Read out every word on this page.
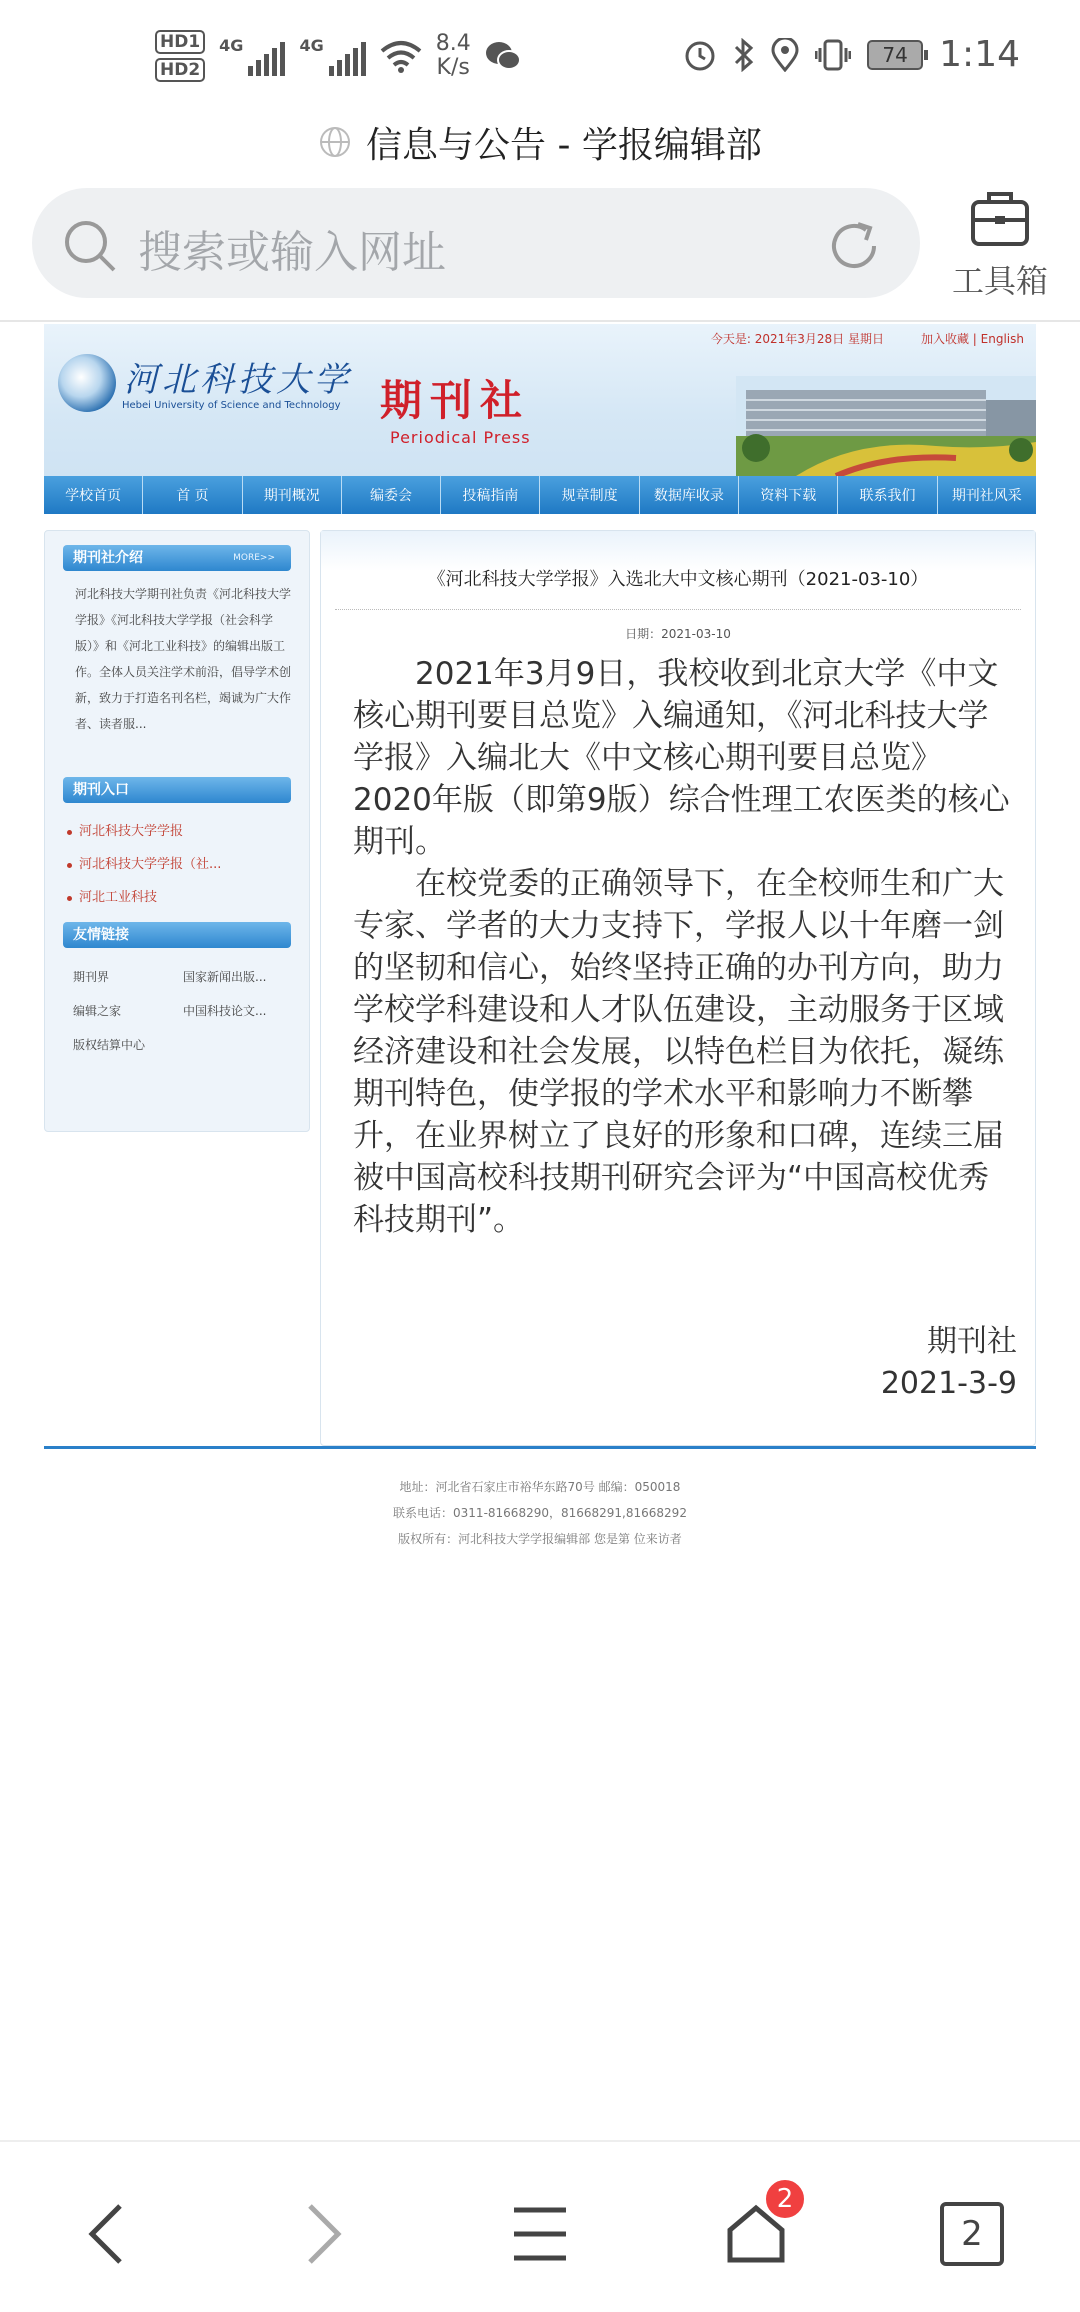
HD1
HD2
4G	4G	8.4
K/s
74 1:14
信息与公告 - 学报编辑部
搜索或输入网址
工具箱
河北科技大学
Hebei University of Science and Technology 期刊社
Periodical Press
今天是: 2021年3月28日 星期日	加入收藏 | English
学校首页	首 页	期刊概况	编委会	投稿指南	规章制度	数据库收录	资料下载	联系我们	期刊社风采
期刊社介绍	MORE>>
河北科技大学期刊社负责《河北科技大学学报》《河北科技大学学报（社会科学版）》和《河北工业科技》的编辑出版工作。全体人员关注学术前沿，倡导学术创新，致力于打造名刊名栏，竭诚为广大作者、读者服...
期刊入口
河北科技大学学报
河北科技大学学报（社...
河北工业科技
友情链接
期刊界	国家新闻出版...
编辑之家	中国科技论文...
版权结算中心
《河北科技大学学报》入选北大中文核心期刊（2021-03-10）
日期：2021-03-10

2021年3月9日，我校收到北京大学《中文核心期刊要目总览》入编通知，《河北科技大学学报》入编北大《中文核心期刊要目总览》2020年版（即第9版）综合性理工农医类的核心期刊。

在校党委的正确领导下，在全校师生和广大专家、学者的大力支持下，学报人以十年磨一剑的坚韧和信心，始终坚持正确的办刊方向，助力学校学科建设和人才队伍建设，主动服务于区域经济建设和社会发展，以特色栏目为依托，凝练期刊特色，使学报的学术水平和影响力不断攀升，在业界树立了良好的形象和口碑，连续三届被中国高校科技期刊研究会评为“中国高校优秀科技期刊”。

期刊社
2021-3-9
地址：河北省石家庄市裕华东路70号 邮编：050018
联系电话：0311-81668290，81668291,81668292
版权所有：河北科技大学学报编辑部 您是第 位来访者
2
2
